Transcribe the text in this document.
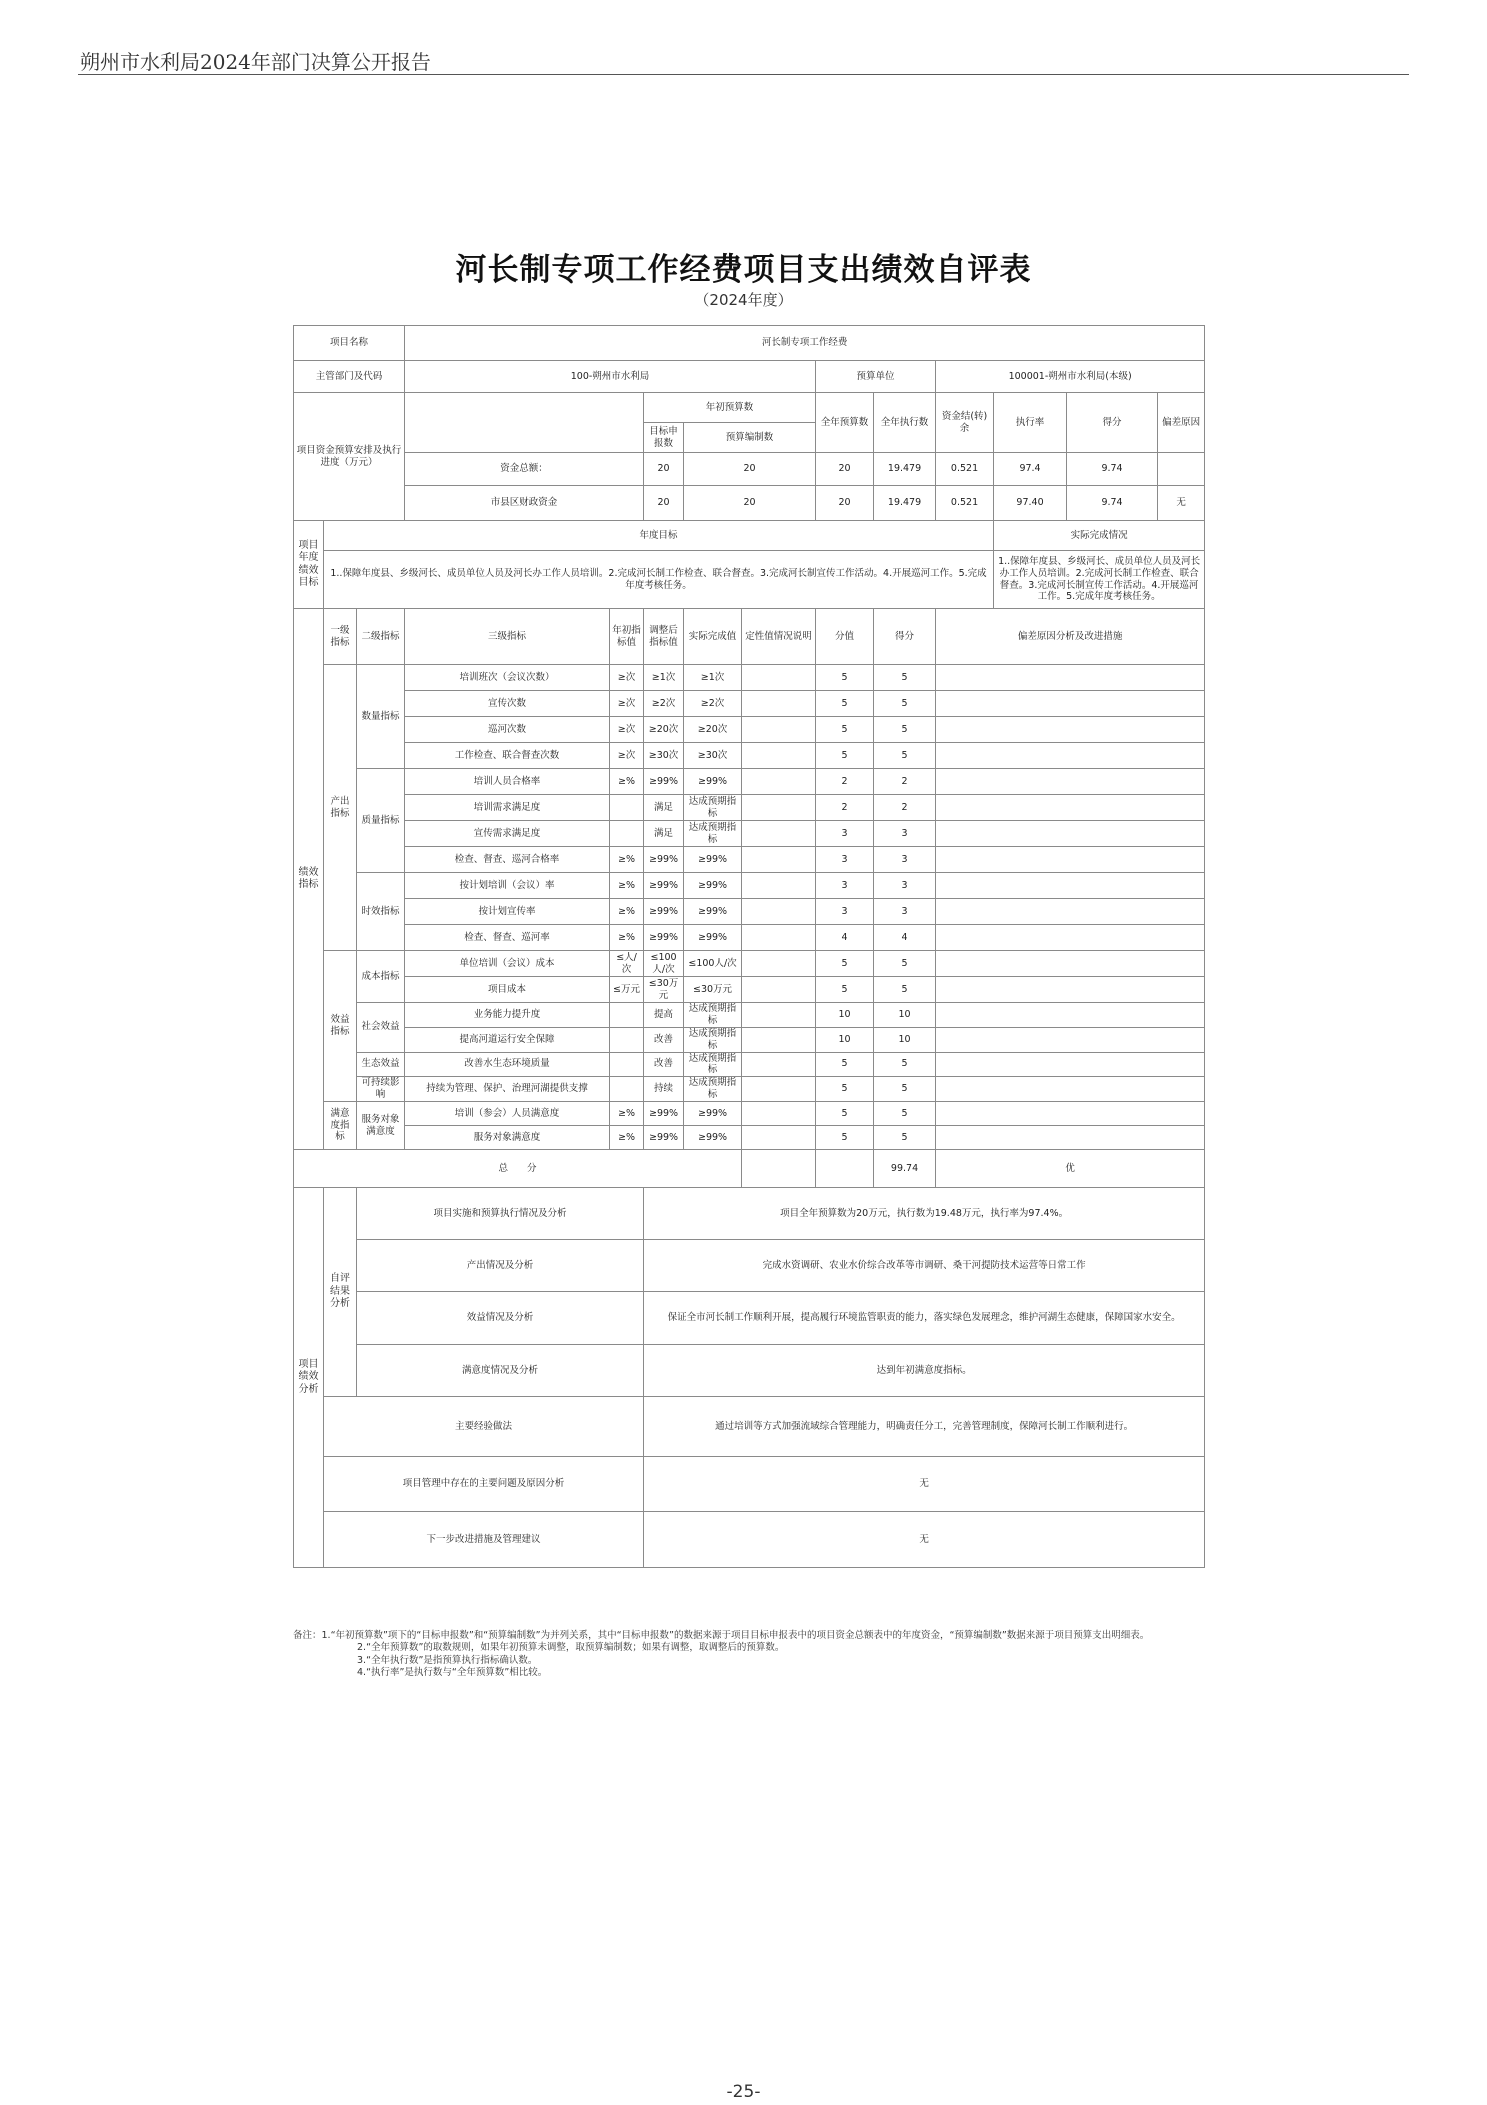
朔州市水利局2024年部门决算公开报告
河长制专项工作经费项目支出绩效自评表
（2024年度）
项目名称			河长制专项工作经费										
主管部门及代码			100-朔州市水利局					预算单位		100001-朔州市水利局(本级)			
项目资金预算安排及执行进度（万元）					年初预算数			全年预算数	全年执行数	资金结(转)余	执行率	得分	偏差原因
					目标申报数	预算编制数							
			资金总额：		20	20		20	19.479	0.521	97.4	9.74	
			市县区财政资金		20	20		20	19.479	0.521	97.40	9.74	无
项目年度绩效目标	年度目标										实际完成情况		
	1..保障年度县、乡级河长、成员单位人员及河长办工作人员培训。2.完成河长制工作检查、联合督查。3.完成河长制宣传工作活动。4.开展巡河工作。5.完成年度考核任务。										1..保障年度县、乡级河长、成员单位人员及河长办工作人员培训。2.完成河长制工作检查、联合督查。3.完成河长制宣传工作活动。4.开展巡河工作。5.完成年度考核任务。		
绩效指标	一级指标	二级指标	三级指标	年初指标值	调整后指标值	实际完成值	定性值情况说明	分值	得分	偏差原因分析及改进措施			
	产出指标	数量指标	培训班次（会议次数）	≥次	≥1次	≥1次		5	5				
			宣传次数	≥次	≥2次	≥2次		5	5				
			巡河次数	≥次	≥20次	≥20次		5	5				
			工作检查、联合督查次数	≥次	≥30次	≥30次		5	5				
		质量指标	培训人员合格率	≥%	≥99%	≥99%		2	2				
			培训需求满足度		满足	达成预期指标		2	2				
			宣传需求满足度		满足	达成预期指标		3	3				
			检查、督查、巡河合格率	≥%	≥99%	≥99%		3	3				
		时效指标	按计划培训（会议）率	≥%	≥99%	≥99%		3	3				
			按计划宣传率	≥%	≥99%	≥99%		3	3				
			检查、督查、巡河率	≥%	≥99%	≥99%		4	4				
	效益指标	成本指标	单位培训（会议）成本	≤人/次	≤100人/次	≤100人/次		5	5				
			项目成本	≤万元	≤30万元	≤30万元		5	5				
		社会效益	业务能力提升度		提高	达成预期指标		10	10				
			提高河道运行安全保障		改善	达成预期指标		10	10				
		生态效益	改善水生态环境质量		改善	达成预期指标		5	5				
		可持续影响	持续为管理、保护、治理河湖提供支撑		持续	达成预期指标		5	5				
	满意度指标	服务对象满意度	培训（参会）人员满意度	≥%	≥99%	≥99%		5	5				
			服务对象满意度	≥%	≥99%	≥99%		5	5				
总　　分									99.74	优			
项目绩效分析	自评结果分析	项目实施和预算执行情况及分析			项目全年预算数为20万元，执行数为19.48万元，执行率为97.4%。								
		产出情况及分析			完成水资调研、农业水价综合改革等市调研、桑干河提防技术运营等日常工作								
		效益情况及分析			保证全市河长制工作顺利开展，提高履行环境监管职责的能力，落实绿色发展理念，维护河湖生态健康，保障国家水安全。								
		满意度情况及分析			达到年初满意度指标。								
	主要经验做法				通过培训等方式加强流域综合管理能力，明确责任分工，完善管理制度，保障河长制工作顺利进行。								
	项目管理中存在的主要问题及原因分析				无								
	下一步改进措施及管理建议				无								
备注：1.“年初预算数”项下的“目标申报数”和“预算编制数”为并列关系，其中“目标申报数”的数据来源于项目目标申报表中的项目资金总额表中的年度资金，“预算编制数”数据来源于项目预算支出明细表。
2.“全年预算数”的取数规则，如果年初预算未调整，取预算编制数；如果有调整，取调整后的预算数。
3.“全年执行数”是指预算执行指标确认数。
4.“执行率”是执行数与“全年预算数”相比较。
-25-
